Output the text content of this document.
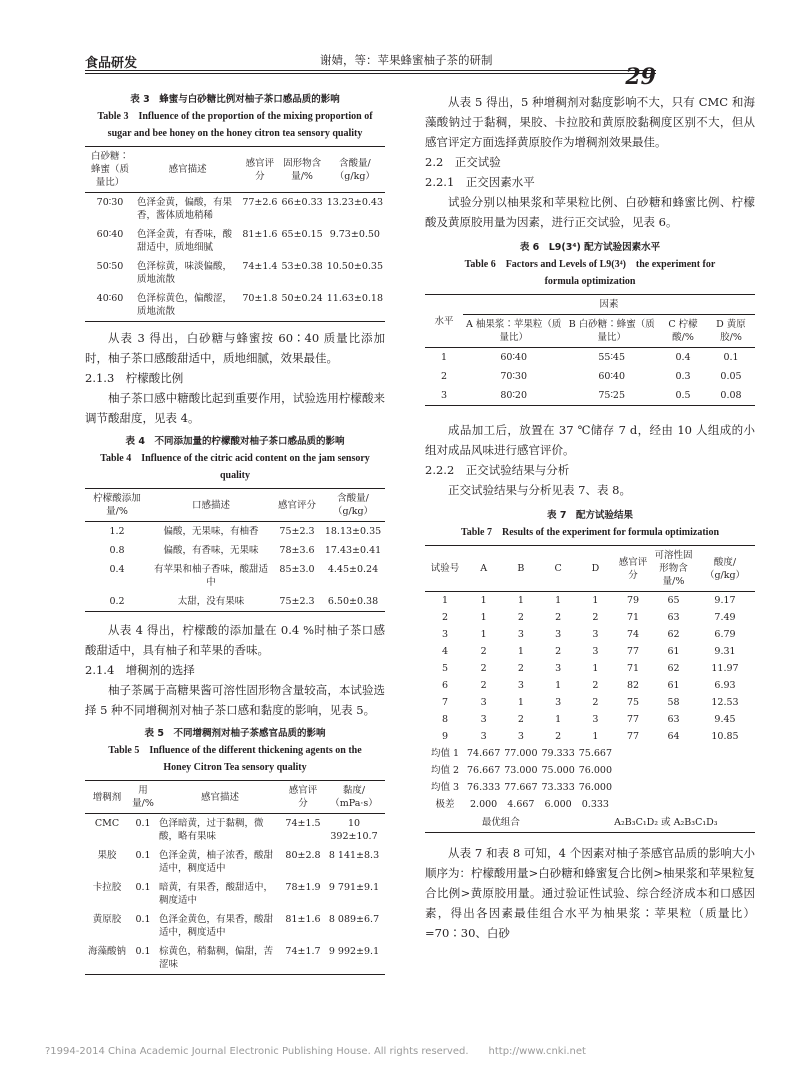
食品研发	谢婧，等：苹果蜂蜜柚子茶的研制
29
表 3　蜂蜜与白砂糖比例对柚子茶口感品质的影响
Table 3　Influence of the proportion of the mixing proportion of
sugar and bee honey on the honey citron tea sensory quality
白砂糖∶蜂蜜（质量比）	感官描述	感官评分	固形物含量/%	含酸量/（g/kg）
70∶30	色泽金黄，偏酸，有果香，酱体质地稍稀	77±2.6	66±0.33	13.23±0.43
60∶40	色泽金黄，有香味，酸甜适中，质地细腻	81±1.6	65±0.15	9.73±0.50
50∶50	色泽棕黄，味淡偏酸，质地流散	74±1.4	53±0.38	10.50±0.35
40∶60	色泽棕黄色，偏酸涩，质地流散	70±1.8	50±0.24	11.63±0.18
从表 3 得出，白砂糖与蜂蜜按 60∶40 质量比添加时，柚子茶口感酸甜适中，质地细腻，效果最佳。
2.1.3　柠檬酸比例
柚子茶口感中糖酸比起到重要作用，试验选用柠檬酸来调节酸甜度，见表 4。
表 4　不同添加量的柠檬酸对柚子茶口感品质的影响
Table 4　Influence of the citric acid content on the jam sensory
quality
柠檬酸添加量/%	口感描述	感官评分	含酸量/（g/kg）
1.2	偏酸，无果味，有柚香	75±2.3	18.13±0.35
0.8	偏酸，有香味，无果味	78±3.6	17.43±0.41
0.4	有苹果和柚子香味，酸甜适中	85±3.0	4.45±0.24
0.2	太甜，没有果味	75±2.3	6.50±0.38
从表 4 得出，柠檬酸的添加量在 0.4 %时柚子茶口感酸甜适中，具有柚子和苹果的香味。
2.1.4　增稠剂的选择
柚子茶属于高糖果酱可溶性固形物含量较高，本试验选择 5 种不同增稠剂对柚子茶口感和黏度的影响，见表 5。
表 5　不同增稠剂对柚子茶感官品质的影响
Table 5　Influence of the different thickening agents on the
Honey Citron Tea sensory quality
增稠剂	用量/%	感官描述	感官评分	黏度/（mPa·s）
CMC	0.1	色泽暗黄，过于黏稠，微酸，略有果味	74±1.5	10 392±10.7
果胶	0.1	色泽金黄，柚子浓香，酸甜适中，稠度适中	80±2.8	8 141±8.3
卡拉胶	0.1	暗黄，有果香，酸甜适中，稠度适中	78±1.9	9 791±9.1
黄原胶	0.1	色泽金黄色，有果香，酸甜适中，稠度适中	81±1.6	8 089±6.7
海藻酸钠	0.1	棕黄色，稍黏稠，偏甜，苦涩味	74±1.7	9 992±9.1
从表 5 得出，5 种增稠剂对黏度影响不大，只有 CMC 和海藻酸钠过于黏稠，果胶、卡拉胶和黄原胶黏稠度区别不大，但从感官评定方面选择黄原胶作为增稠剂效果最佳。
2.2　正交试验
2.2.1　正交因素水平
试验分别以柚果浆和苹果粒比例、白砂糖和蜂蜜比例、柠檬酸及黄原胶用量为因素，进行正交试验，见表 6。
表 6　L9(3⁴) 配方试验因素水平
Table 6　Factors and Levels of L9(3⁴)　the experiment for
formula optimization
水平	因素			
	A 柚果浆∶苹果粒（质量比）	B 白砂糖∶蜂蜜（质量比）	C 柠檬酸/%	D 黄原胶/%
1	60∶40	55∶45	0.4	0.1
2	70∶30	60∶40	0.3	0.05
3	80∶20	75∶25	0.5	0.08
成品加工后，放置在 37 ℃储存 7 d，经由 10 人组成的小组对成品风味进行感官评价。
2.2.2　正交试验结果与分析
正交试验结果与分析见表 7、表 8。
表 7　配方试验结果
Table 7　Results of the experiment for formula optimization
试验号	A	B	C	D	感官评分	可溶性固形物含量/%	酸度/（g/kg）
1	1	1	1	1	79	65	9.17
2	1	2	2	2	71	63	7.49
3	1	3	3	3	74	62	6.79
4	2	1	2	3	77	61	9.31
5	2	2	3	1	71	62	11.97
6	2	3	1	2	82	61	6.93
7	3	1	3	2	75	58	12.53
8	3	2	1	3	77	63	9.45
9	3	3	2	1	77	64	10.85
均值 1	74.667	77.000	79.333	75.667			
均值 2	76.667	73.000	75.000	76.000			
均值 3	76.333	77.667	73.333	76.000			
极差	2.000	4.667	6.000	0.333			
最优组合				A₂B₃C₁D₂ 或 A₂B₃C₁D₃			
从表 7 和表 8 可知，4 个因素对柚子茶感官品质的影响大小顺序为：柠檬酸用量>白砂糖和蜂蜜复合比例>柚果浆和苹果粒复合比例>黄原胶用量。通过验证性试验、综合经济成本和口感因素，得出各因素最佳组合水平为柚果浆∶苹果粒（质量比）=70∶30、白砂
?1994-2014 China Academic Journal Electronic Publishing House. All rights reserved.　　http://www.cnki.net
